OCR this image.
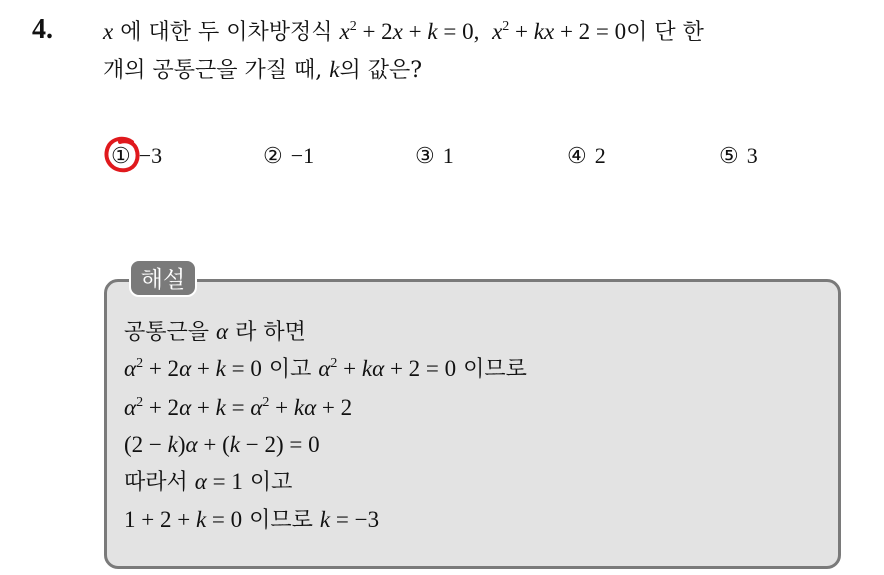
4. x 에 대한 두 이차방정식 $x^2 + 2x + k = 0$, $x^2$ + kx + 2 = 0이 단 한
개의 공통근을 가질 때, k의 값은?
① −3	② −1	③ 1	④ 2	⑤ 3
해설
공통근을 α 라 하면
$\alpha^2 + 2\alpha + k = 0$ 이고 $\alpha^2 + k\alpha + 2 = 0$ 이므로
$\alpha^2 + 2\alpha + k = \alpha^2 + k\alpha + 2$
(2 − k)α + (k − 2) = 0
따라서 α = 1 이고
1 + 2 + k = 0 이므로 k = −3
